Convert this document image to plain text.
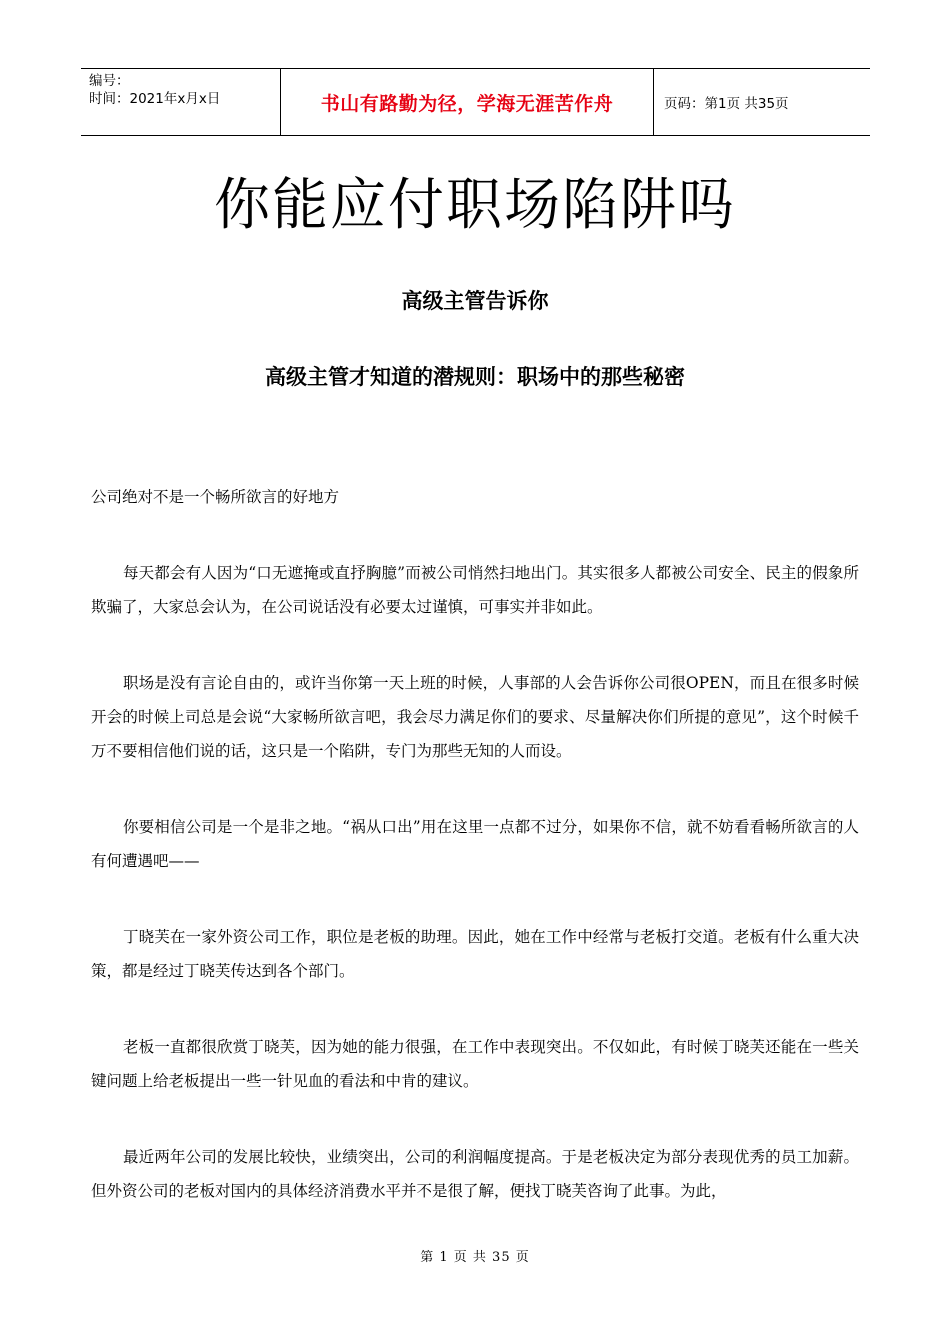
编号：
时间：2021年x月x日	书山有路勤为径，学海无涯苦作舟	页码：第1页 共35页
你能应付职场陷阱吗
高级主管告诉你
高级主管才知道的潜规则：职场中的那些秘密

公司绝对不是一个畅所欲言的好地方

每天都会有人因为“口无遮掩或直抒胸臆”而被公司悄然扫地出门。其实很多人都被公司安全、民主的假象所欺骗了，大家总会认为，在公司说话没有必要太过谨慎，可事实并非如此。

职场是没有言论自由的，或许当你第一天上班的时候，人事部的人会告诉你公司很OPEN，而且在很多时候开会的时候上司总是会说“大家畅所欲言吧，我会尽力满足你们的要求、尽量解决你们所提的意见”，这个时候千万不要相信他们说的话，这只是一个陷阱，专门为那些无知的人而设。

你要相信公司是一个是非之地。“祸从口出”用在这里一点都不过分，如果你不信，就不妨看看畅所欲言的人有何遭遇吧——

丁晓芙在一家外资公司工作，职位是老板的助理。因此，她在工作中经常与老板打交道。老板有什么重大决策，都是经过丁晓芙传达到各个部门。

老板一直都很欣赏丁晓芙，因为她的能力很强，在工作中表现突出。不仅如此，有时候丁晓芙还能在一些关键问题上给老板提出一些一针见血的看法和中肯的建议。

最近两年公司的发展比较快，业绩突出，公司的利润幅度提高。于是老板决定为部分表现优秀的员工加薪。但外资公司的老板对国内的具体经济消费水平并不是很了解，便找丁晓芙咨询了此事。为此，

第 1 页 共 35 页
